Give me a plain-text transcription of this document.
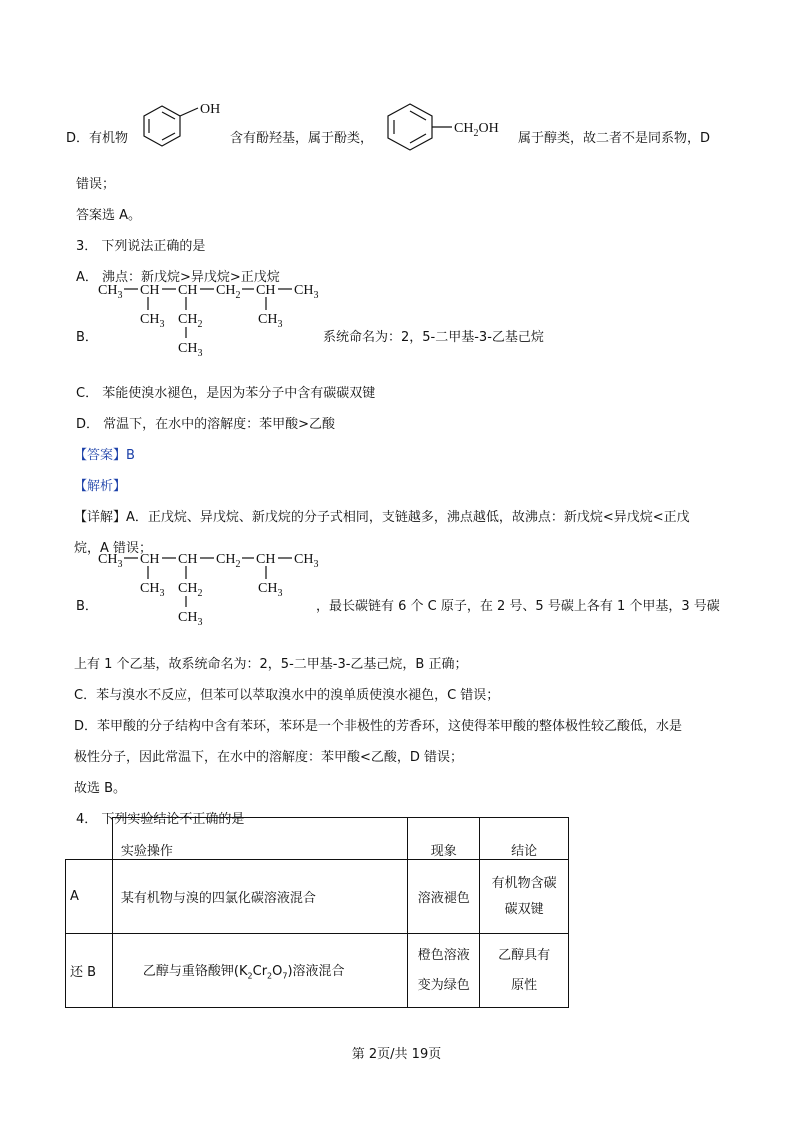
D．有机物
OH
含有酚羟基，属于酚类，
$CH_2OH$
属于醇类，故二者不是同系物，D
错误；
答案选 A。
3． 下列说法正确的是
A． 沸点：新戊烷>异戊烷>正戊烷
$CH_3$ CH CH $CH_2$ CH $CH_3$
$CH_3$ $CH_2$
$CH_3$
$CH_3$
B．	系统命名为：2，5-二甲基-3-乙基己烷
C． 苯能使溴水褪色，是因为苯分子中含有碳碳双键
D． 常温下，在水中的溶解度：苯甲酸>乙酸
【答案】B
【解析】
【详解】A．正戊烷、异戊烷、新戊烷的分子式相同，支链越多，沸点越低，故沸点：新戊烷<异戊烷<正戊
烷，A 错误；
$CH_3$ CH CH $CH_2$ CH $CH_3$
$CH_3$ $CH_2$
$CH_3$
$CH_3$
B．	，最长碳链有 6 个 C 原子，在 2 号、5 号碳上各有 1 个甲基，3 号碳
上有 1 个乙基，故系统命名为：2，5-二甲基-3-乙基己烷，B 正确；
C．苯与溴水不反应，但苯可以萃取溴水中的溴单质使溴水褪色，C 错误；
D．苯甲酸的分子结构中含有苯环，苯环是一个非极性的芳香环，这使得苯甲酸的整体极性较乙酸低，水是
极性分子，因此常温下，在水中的溶解度：苯甲酸<乙酸，D 错误；
故选 B。
4． 下列实验结论不正确的是
	实验操作	现象	结论
A	某有机物与溴的四氯化碳溶液混合	溶液褪色	有机物含碳
碳双键
还 B	乙醇与重铬酸钾$(K_2Cr_2O_7)$溶液混合	橙色溶液
变为绿色	乙醇具有
原性
第 2页/共 19页
